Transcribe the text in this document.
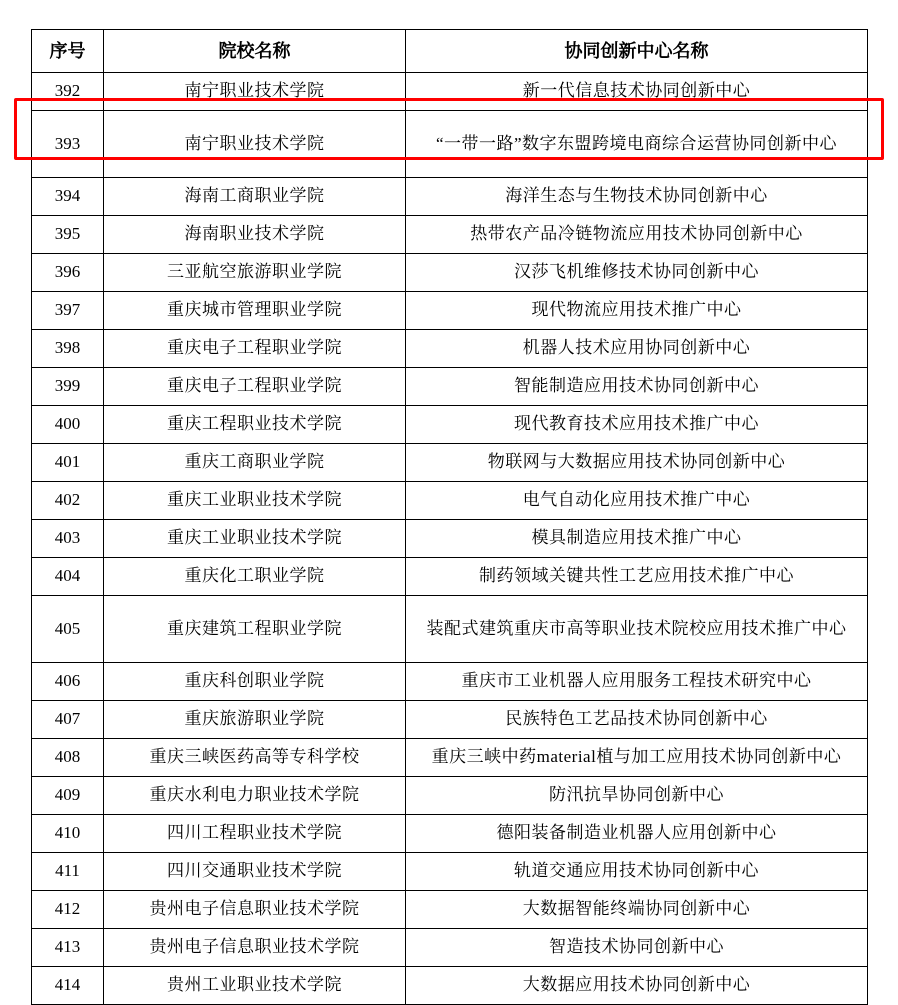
序号	院校名称	协同创新中心名称
392	南宁职业技术学院	新一代信息技术协同创新中心
393	南宁职业技术学院	“一带一路”数字东盟跨境电商综合运营协同创新中心
394	海南工商职业学院	海洋生态与生物技术协同创新中心
395	海南职业技术学院	热带农产品冷链物流应用技术协同创新中心
396	三亚航空旅游职业学院	汉莎飞机维修技术协同创新中心
397	重庆城市管理职业学院	现代物流应用技术推广中心
398	重庆电子工程职业学院	机器人技术应用协同创新中心
399	重庆电子工程职业学院	智能制造应用技术协同创新中心
400	重庆工程职业技术学院	现代教育技术应用技术推广中心
401	重庆工商职业学院	物联网与大数据应用技术协同创新中心
402	重庆工业职业技术学院	电气自动化应用技术推广中心
403	重庆工业职业技术学院	模具制造应用技术推广中心
404	重庆化工职业学院	制药领域关键共性工艺应用技术推广中心
405	重庆建筑工程职业学院	装配式建筑重庆市高等职业技术院校应用技术推广中心
406	重庆科创职业学院	重庆市工业机器人应用服务工程技术研究中心
407	重庆旅游职业学院	民族特色工艺品技术协同创新中心
408	重庆三峡医药高等专科学校	重庆三峡中药material植与加工应用技术协同创新中心
409	重庆水利电力职业技术学院	防汛抗旱协同创新中心
410	四川工程职业技术学院	德阳装备制造业机器人应用创新中心
411	四川交通职业技术学院	轨道交通应用技术协同创新中心
412	贵州电子信息职业技术学院	大数据智能终端协同创新中心
413	贵州电子信息职业技术学院	智造技术协同创新中心
414	贵州工业职业技术学院	大数据应用技术协同创新中心
